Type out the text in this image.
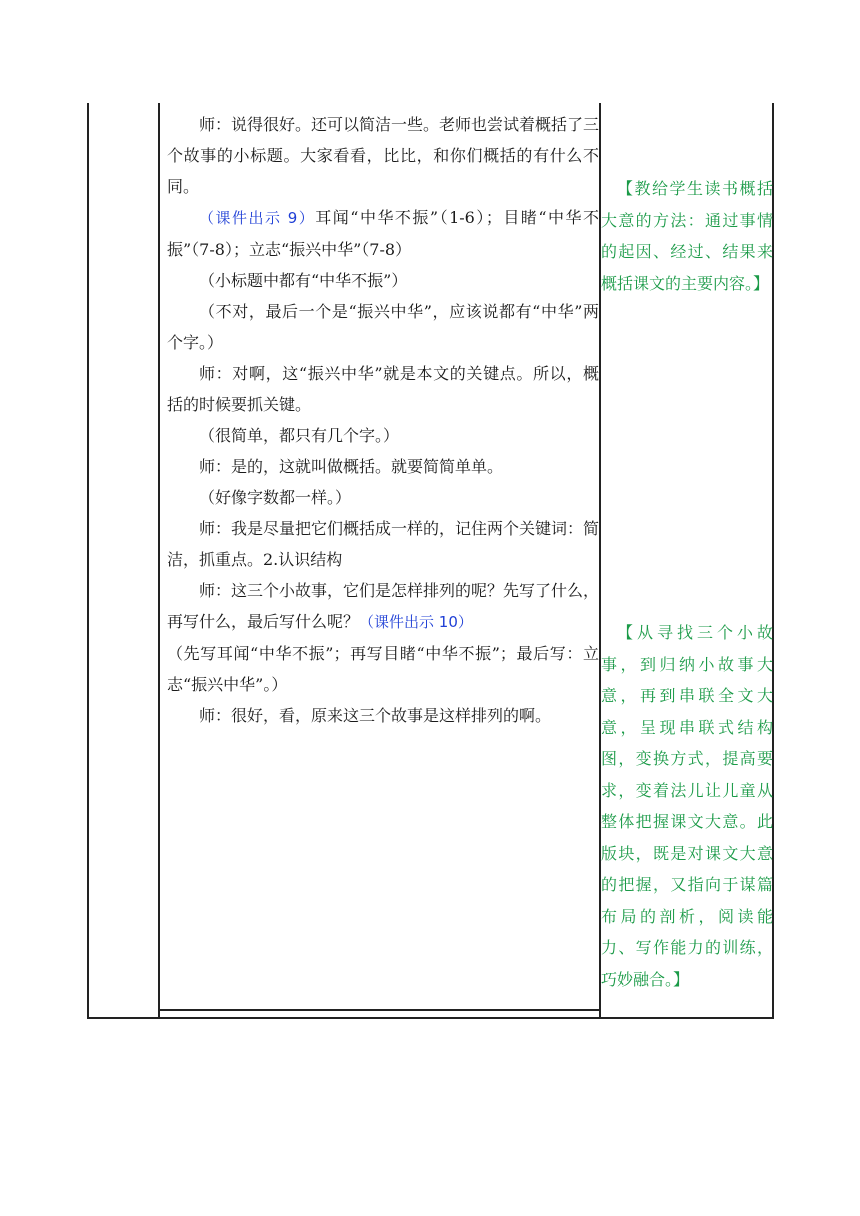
师：说得很好。还可以简洁一些。老师也尝试着概括了三个故事的小标题。大家看看，比比，和你们概括的有什么不同。

（课件出示 9）耳闻“中华不振”（1-6）；目睹“中华不振”（7-8）；立志“振兴中华”（7-8）

（小标题中都有“中华不振”）

（不对，最后一个是“振兴中华”，应该说都有“中华”两个字。）

师：对啊，这“振兴中华”就是本文的关键点。所以，概括的时候要抓关键。

（很简单，都只有几个字。）

师：是的，这就叫做概括。就要简简单单。

（好像字数都一样。）

师：我是尽量把它们概括成一样的，记住两个关键词：简洁，抓重点。2.认识结构

师：这三个小故事，它们是怎样排列的呢？先写了什么，再写什么，最后写什么呢？（课件出示 10）

（先写耳闻“中华不振”；再写目睹“中华不振”；最后写：立志“振兴中华”。）

师：很好，看，原来这三个故事是这样排列的啊。

【教给学生读书概括大意的方法：通过事情的起因、经过、结果来概括课文的主要内容。】

【从寻找三个小故事，到归纳小故事大意，再到串联全文大意，呈现串联式结构图，变换方式，提高要求，变着法儿让儿童从整体把握课文大意。此版块，既是对课文大意的把握，又指向于谋篇布局的剖析，阅读能力、写作能力的训练，巧妙融合。】
